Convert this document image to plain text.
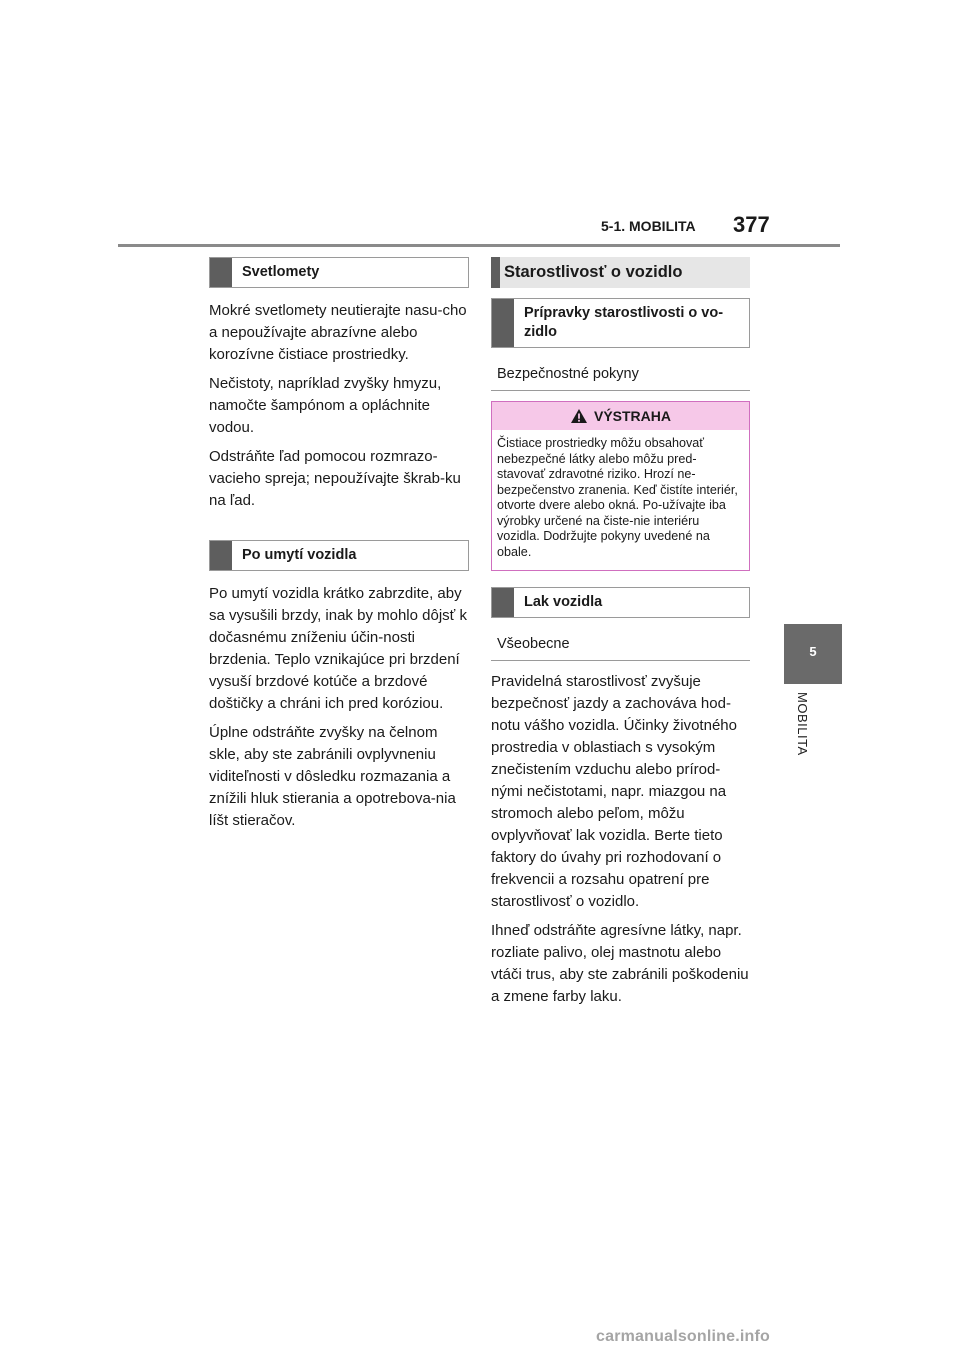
5-1. MOBILITA 377
5
MOBILITA
Svetlomety

Mokré svetlomety neutierajte nasu-cho a nepoužívajte abrazívne alebo korozívne čistiace prostriedky.

Nečistoty, napríklad zvyšky hmyzu, namočte šampónom a opláchnite vodou.

Odstráňte ľad pomocou rozmrazo-vacieho spreja; nepoužívajte škrab-ku na ľad.

Po umytí vozidla

Po umytí vozidla krátko zabrzdite, aby sa vysušili brzdy, inak by mohlo dôjsť k dočasnému zníženiu účin-nosti brzdenia. Teplo vznikajúce pri brzdení vysuší brzdové kotúče a brzdové doštičky a chráni ich pred koróziou.

Úplne odstráňte zvyšky na čelnom skle, aby ste zabránili ovplyvneniu viditeľnosti v dôsledku rozmazania a znížili hluk stierania a opotrebova-nia líšt stieračov.

Starostlivosť o vozidlo
Prípravky starostlivosti o vo-zidlo
Bezpečnostné pokyny
VÝSTRAHA
Čistiace prostriedky môžu obsahovať nebezpečné látky alebo môžu pred-stavovať zdravotné riziko. Hrozí ne-bezpečenstvo zranenia. Keď čistíte interiér, otvorte dvere alebo okná. Po-užívajte iba výrobky určené na čiste-nie interiéru vozidla. Dodržujte pokyny uvedené na obale.
Lak vozidla
Všeobecne

Pravidelná starostlivosť zvyšuje bezpečnosť jazdy a zachováva hod-notu vášho vozidla. Účinky životného prostredia v oblastiach s vysokým znečistením vzduchu alebo prírod-nými nečistotami, napr. miazgou na stromoch alebo peľom, môžu ovplyvňovať lak vozidla. Berte tieto faktory do úvahy pri rozhodovaní o frekvencii a rozsahu opatrení pre starostlivosť o vozidlo.

Ihneď odstráňte agresívne látky, napr. rozliate palivo, olej mastnotu alebo vtáči trus, aby ste zabránili poškodeniu a zmene farby laku.

carmanualsonline.info
